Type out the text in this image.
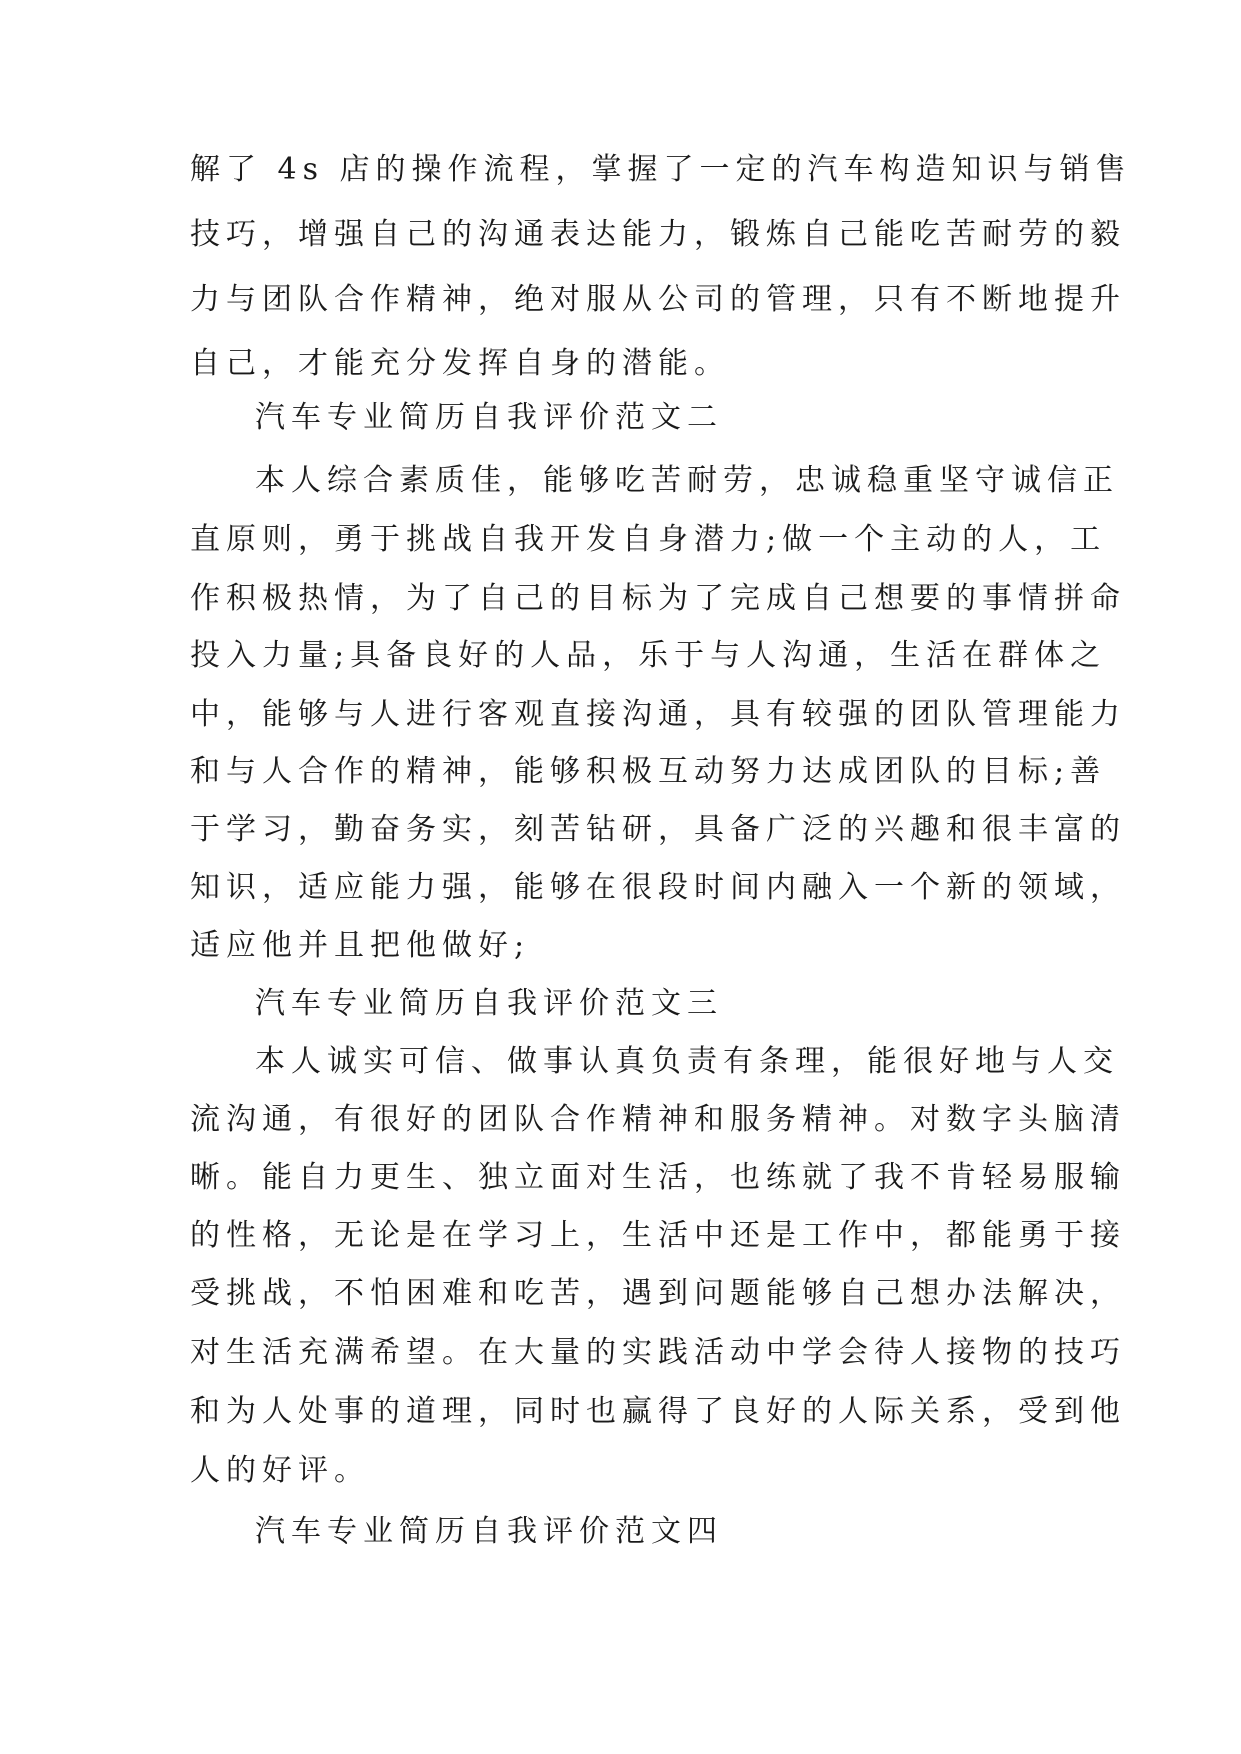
解了 4s 店的操作流程，掌握了一定的汽车构造知识与销售
技巧，增强自己的沟通表达能力，锻炼自己能吃苦耐劳的毅
力与团队合作精神，绝对服从公司的管理，只有不断地提升
自己，才能充分发挥自身的潜能。
汽车专业简历自我评价范文二
本人综合素质佳，能够吃苦耐劳，忠诚稳重坚守诚信正
直原则，勇于挑战自我开发自身潜力;做一个主动的人，工
作积极热情，为了自己的目标为了完成自己想要的事情拼命
投入力量;具备良好的人品，乐于与人沟通，生活在群体之
中，能够与人进行客观直接沟通，具有较强的团队管理能力
和与人合作的精神，能够积极互动努力达成团队的目标;善
于学习，勤奋务实，刻苦钻研，具备广泛的兴趣和很丰富的
知识，适应能力强，能够在很段时间内融入一个新的领域，
适应他并且把他做好;
汽车专业简历自我评价范文三
本人诚实可信、做事认真负责有条理，能很好地与人交
流沟通，有很好的团队合作精神和服务精神。对数字头脑清
晰。能自力更生、独立面对生活，也练就了我不肯轻易服输
的性格，无论是在学习上，生活中还是工作中，都能勇于接
受挑战，不怕困难和吃苦，遇到问题能够自己想办法解决，
对生活充满希望。在大量的实践活动中学会待人接物的技巧
和为人处事的道理，同时也赢得了良好的人际关系，受到他
人的好评。
汽车专业简历自我评价范文四
